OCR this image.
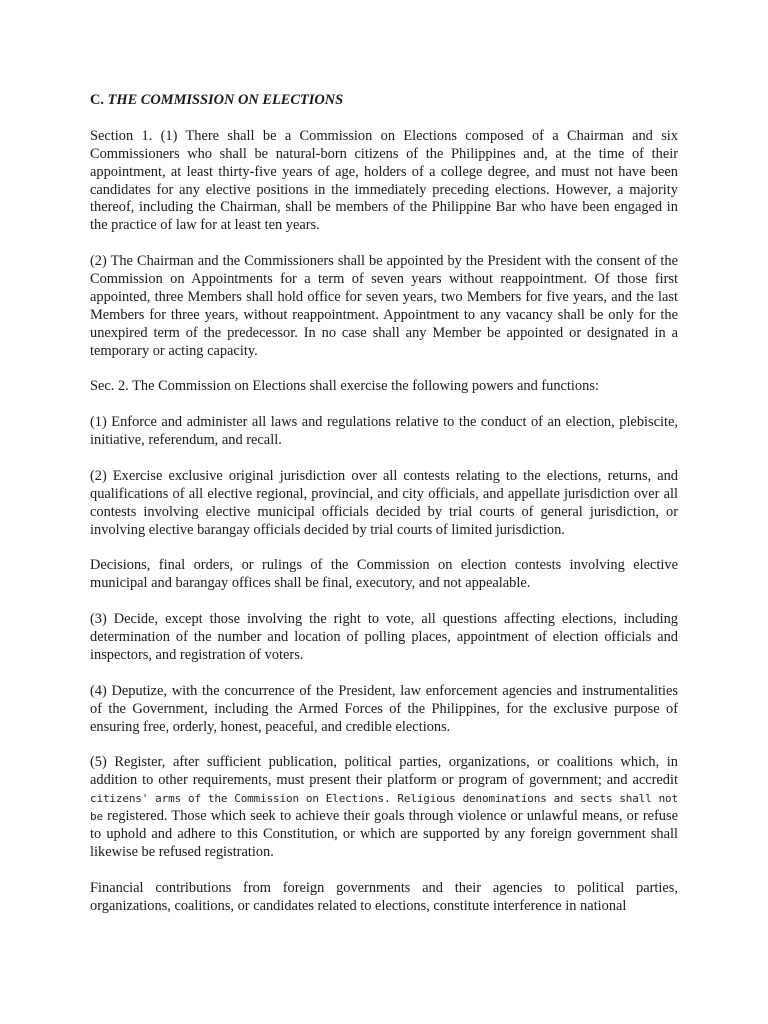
C. THE COMMISSION ON ELECTIONS

Section 1. (1) There shall be a Commission on Elections composed of a Chairman and six Commissioners who shall be natural-born citizens of the Philippines and, at the time of their appointment, at least thirty-five years of age, holders of a college degree, and must not have been candidates for any elective positions in the immediately preceding elections. However, a majority thereof, including the Chairman, shall be members of the Philippine Bar who have been engaged in the practice of law for at least ten years.

(2) The Chairman and the Commissioners shall be appointed by the President with the consent of the Commission on Appointments for a term of seven years without reappointment. Of those first appointed, three Members shall hold office for seven years, two Members for five years, and the last Members for three years, without reappointment. Appointment to any vacancy shall be only for the unexpired term of the predecessor. In no case shall any Member be appointed or designated in a temporary or acting capacity.

Sec. 2. The Commission on Elections shall exercise the following powers and functions:

(1) Enforce and administer all laws and regulations relative to the conduct of an election, plebiscite, initiative, referendum, and recall.

(2) Exercise exclusive original jurisdiction over all contests relating to the elections, returns, and qualifications of all elective regional, provincial, and city officials, and appellate jurisdiction over all contests involving elective municipal officials decided by trial courts of general jurisdiction, or involving elective barangay officials decided by trial courts of limited jurisdiction.

Decisions, final orders, or rulings of the Commission on election contests involving elective municipal and barangay offices shall be final, executory, and not appealable.

(3) Decide, except those involving the right to vote, all questions affecting elections, including determination of the number and location of polling places, appointment of election officials and inspectors, and registration of voters.

(4) Deputize, with the concurrence of the President, law enforcement agencies and instrumentalities of the Government, including the Armed Forces of the Philippines, for the exclusive purpose of ensuring free, orderly, honest, peaceful, and credible elections.

(5) Register, after sufficient publication, political parties, organizations, or coalitions which, in addition to other requirements, must present their platform or program of government; and accredit citizens' arms of the Commission on Elections. Religious denominations and sects shall not be registered. Those which seek to achieve their goals through violence or unlawful means, or refuse to uphold and adhere to this Constitution, or which are supported by any foreign government shall likewise be refused registration.

Financial contributions from foreign governments and their agencies to political parties, organizations, coalitions, or candidates related to elections, constitute interference in national
